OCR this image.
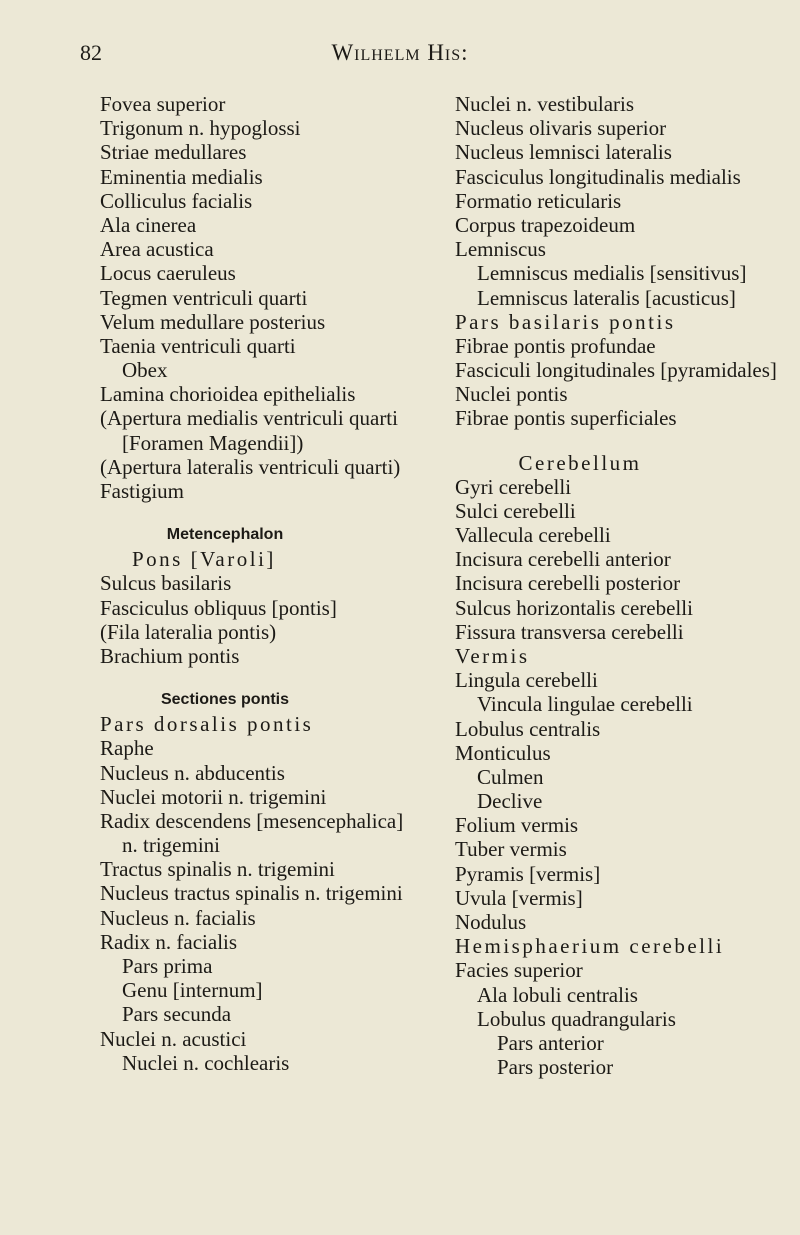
82	Wilhelm His:
Fovea superior
Trigonum n. hypoglossi
Striae medullares
Eminentia medialis
Colliculus facialis
Ala cinerea
Area acustica
Locus caeruleus
Tegmen ventriculi quarti
Velum medullare posterius
Taenia ventriculi quarti
Obex
Lamina chorioidea epithelialis
(Apertura medialis ventriculi quarti
[Foramen Magendii])
(Apertura lateralis ventriculi quarti)
Fastigium
Metencephalon
Pons [Varoli]
Sulcus basilaris
Fasciculus obliquus [pontis]
(Fila lateralia pontis)
Brachium pontis
Sectiones pontis
Pars dorsalis pontis
Raphe
Nucleus n. abducentis
Nuclei motorii n. trigemini
Radix descendens [mesencephalica]
n. trigemini
Tractus spinalis n. trigemini
Nucleus tractus spinalis n. trigemini
Nucleus n. facialis
Radix n. facialis
Pars prima
Genu [internum]
Pars secunda
Nuclei n. acustici
Nuclei n. cochlearis
Nuclei n. vestibularis
Nucleus olivaris superior
Nucleus lemnisci lateralis
Fasciculus longitudinalis medialis
Formatio reticularis
Corpus trapezoideum
Lemniscus
Lemniscus medialis [sensitivus]
Lemniscus lateralis [acusticus]
Pars basilaris pontis
Fibrae pontis profundae
Fasciculi longitudinales [pyramidales]
Nuclei pontis
Fibrae pontis superficiales
Cerebellum
Gyri cerebelli
Sulci cerebelli
Vallecula cerebelli
Incisura cerebelli anterior
Incisura cerebelli posterior
Sulcus horizontalis cerebelli
Fissura transversa cerebelli
Vermis
Lingula cerebelli
Vincula lingulae cerebelli
Lobulus centralis
Monticulus
Culmen
Declive
Folium vermis
Tuber vermis
Pyramis [vermis]
Uvula [vermis]
Nodulus
Hemisphaerium cerebelli
Facies superior
Ala lobuli centralis
Lobulus quadrangularis
Pars anterior
Pars posterior
